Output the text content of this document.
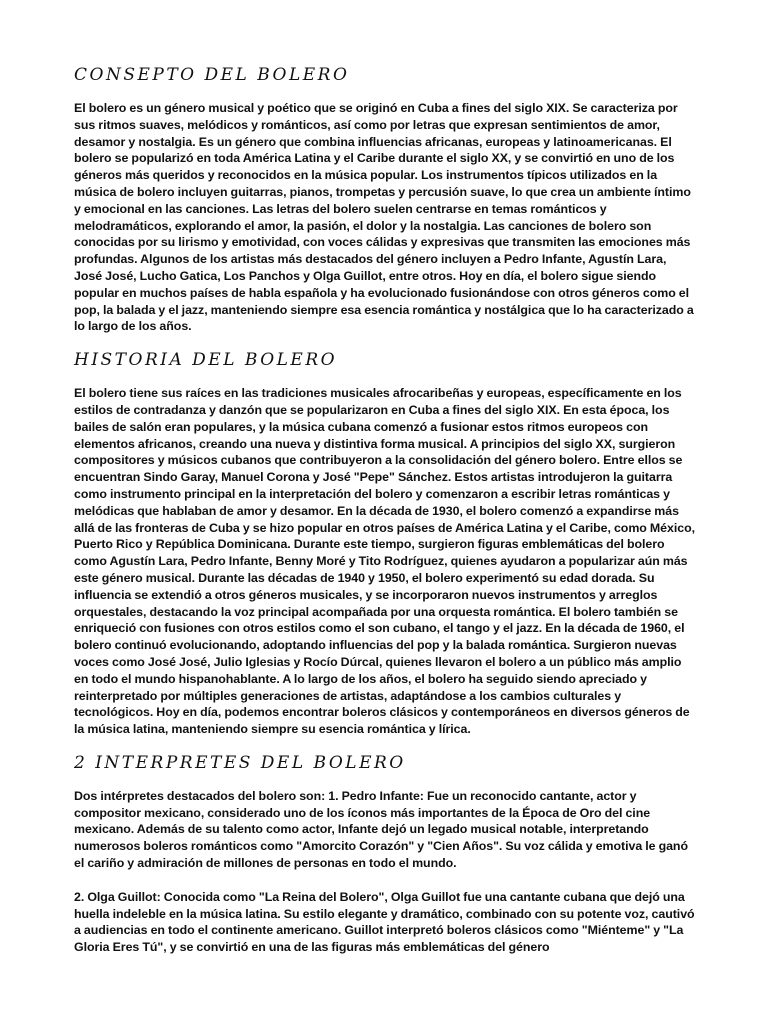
CONSEPTO DEL BOLERO

El bolero es un género musical y poético que se originó en Cuba a fines del siglo XIX. Se caracteriza por sus ritmos suaves, melódicos y románticos, así como por letras que expresan sentimientos de amor, desamor y nostalgia. Es un género que combina influencias africanas, europeas y latinoamericanas. El bolero se popularizó en toda América Latina y el Caribe durante el siglo XX, y se convirtió en uno de los géneros más queridos y reconocidos en la música popular. Los instrumentos típicos utilizados en la música de bolero incluyen guitarras, pianos, trompetas y percusión suave, lo que crea un ambiente íntimo y emocional en las canciones. Las letras del bolero suelen centrarse en temas románticos y melodramáticos, explorando el amor, la pasión, el dolor y la nostalgia. Las canciones de bolero son conocidas por su lirismo y emotividad, con voces cálidas y expresivas que transmiten las emociones más profundas. Algunos de los artistas más destacados del género incluyen a Pedro Infante, Agustín Lara, José José, Lucho Gatica, Los Panchos y Olga Guillot, entre otros. Hoy en día, el bolero sigue siendo popular en muchos países de habla española y ha evolucionado fusionándose con otros géneros como el pop, la balada y el jazz, manteniendo siempre esa esencia romántica y nostálgica que lo ha caracterizado a lo largo de los años.

HISTORIA DEL BOLERO

El bolero tiene sus raíces en las tradiciones musicales afrocaribeñas y europeas, específicamente en los estilos de contradanza y danzón que se popularizaron en Cuba a fines del siglo XIX. En esta época, los bailes de salón eran populares, y la música cubana comenzó a fusionar estos ritmos europeos con elementos africanos, creando una nueva y distintiva forma musical. A principios del siglo XX, surgieron compositores y músicos cubanos que contribuyeron a la consolidación del género bolero. Entre ellos se encuentran Sindo Garay, Manuel Corona y José "Pepe" Sánchez. Estos artistas introdujeron la guitarra como instrumento principal en la interpretación del bolero y comenzaron a escribir letras románticas y melódicas que hablaban de amor y desamor. En la década de 1930, el bolero comenzó a expandirse más allá de las fronteras de Cuba y se hizo popular en otros países de América Latina y el Caribe, como México, Puerto Rico y República Dominicana. Durante este tiempo, surgieron figuras emblemáticas del bolero como Agustín Lara, Pedro Infante, Benny Moré y Tito Rodríguez, quienes ayudaron a popularizar aún más este género musical. Durante las décadas de 1940 y 1950, el bolero experimentó su edad dorada. Su influencia se extendió a otros géneros musicales, y se incorporaron nuevos instrumentos y arreglos orquestales, destacando la voz principal acompañada por una orquesta romántica. El bolero también se enriqueció con fusiones con otros estilos como el son cubano, el tango y el jazz. En la década de 1960, el bolero continuó evolucionando, adoptando influencias del pop y la balada romántica. Surgieron nuevas voces como José José, Julio Iglesias y Rocío Dúrcal, quienes llevaron el bolero a un público más amplio en todo el mundo hispanohablante. A lo largo de los años, el bolero ha seguido siendo apreciado y reinterpretado por múltiples generaciones de artistas, adaptándose a los cambios culturales y tecnológicos. Hoy en día, podemos encontrar boleros clásicos y contemporáneos en diversos géneros de la música latina, manteniendo siempre su esencia romántica y lírica.

2 INTERPRETES DEL BOLERO

Dos intérpretes destacados del bolero son: 1. Pedro Infante: Fue un reconocido cantante, actor y compositor mexicano, considerado uno de los íconos más importantes de la Época de Oro del cine mexicano. Además de su talento como actor, Infante dejó un legado musical notable, interpretando numerosos boleros románticos como "Amorcito Corazón" y "Cien Años". Su voz cálida y emotiva le ganó el cariño y admiración de millones de personas en todo el mundo.

2. Olga Guillot: Conocida como "La Reina del Bolero", Olga Guillot fue una cantante cubana que dejó una huella indeleble en la música latina. Su estilo elegante y dramático, combinado con su potente voz, cautivó a audiencias en todo el continente americano. Guillot interpretó boleros clásicos como "Miénteme" y "La Gloria Eres Tú", y se convirtió en una de las figuras más emblemáticas del género
